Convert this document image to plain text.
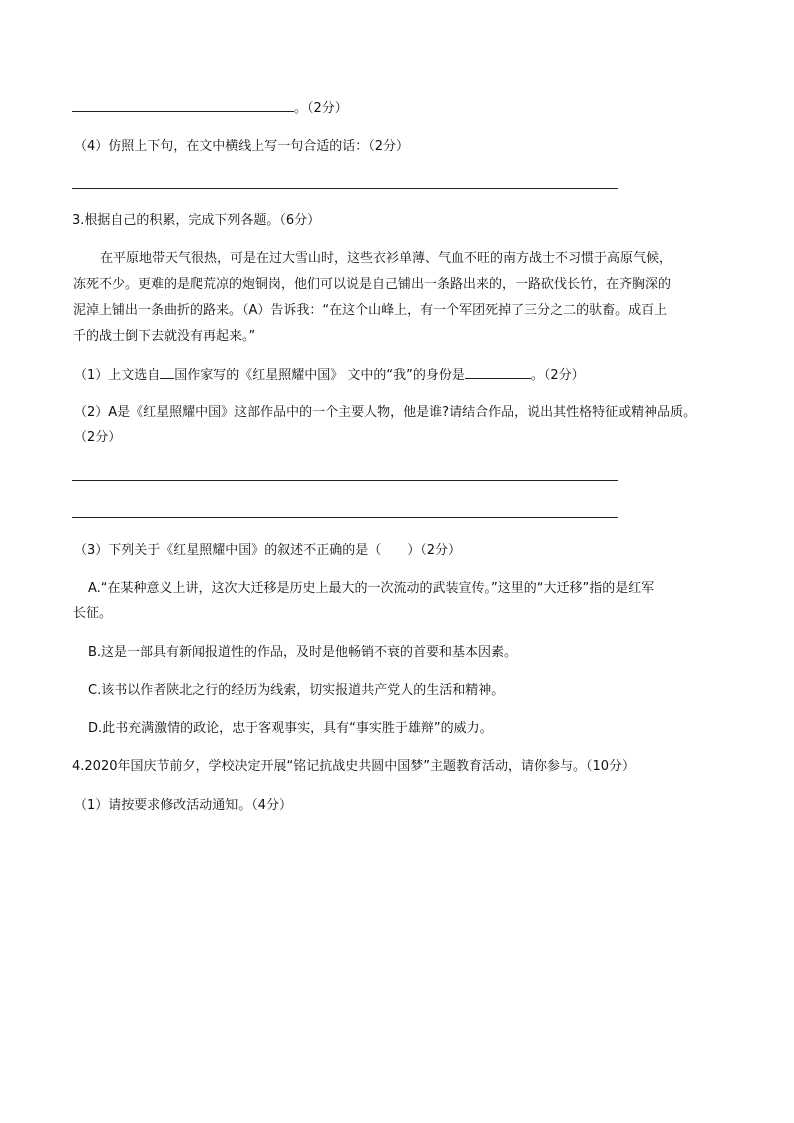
。（2分）
（4）仿照上下句，在文中横线上写一句合适的话：（2分）
3.根据自己的积累，完成下列各题。（6分）
在平原地带天气很热，可是在过大雪山时，这些衣衫单薄、气血不旺的南方战士不习惯于高原气候，
冻死不少。更难的是爬荒凉的炮铜岗，他们可以说是自己铺出一条路出来的，一路砍伐长竹，在齐胸深的
泥淖上铺出一条曲折的路来。（A）告诉我：“在这个山峰上，有一个军团死掉了三分之二的驮畜。成百上
千的战士倒下去就没有再起来。”
（1）上文选自 国作家写的《红星照耀中国》 文中的“我”的身份是	。（2分）
（2）A是《红星照耀中国》这部作品中的一个主要人物，他是谁?请结合作品，说出其性格特征或精神品质。
（2分）
（3）下列关于《红星照耀中国》的叙述不正确的是（　　）（2分）
A.“在某种意义上讲，这次大迁移是历史上最大的一次流动的武装宣传。”这里的“大迁移”指的是红军
长征。
B.这是一部具有新闻报道性的作品，及时是他畅销不衰的首要和基本因素。
C.该书以作者陕北之行的经历为线索，切实报道共产党人的生活和精神。
D.此书充满激情的政论，忠于客观事实，具有“事实胜于雄辩”的威力。
4.2020年国庆节前夕，学校决定开展“铭记抗战史共圆中国梦”主题教育活动，请你参与。（10分）
（1）请按要求修改活动通知。（4分）
